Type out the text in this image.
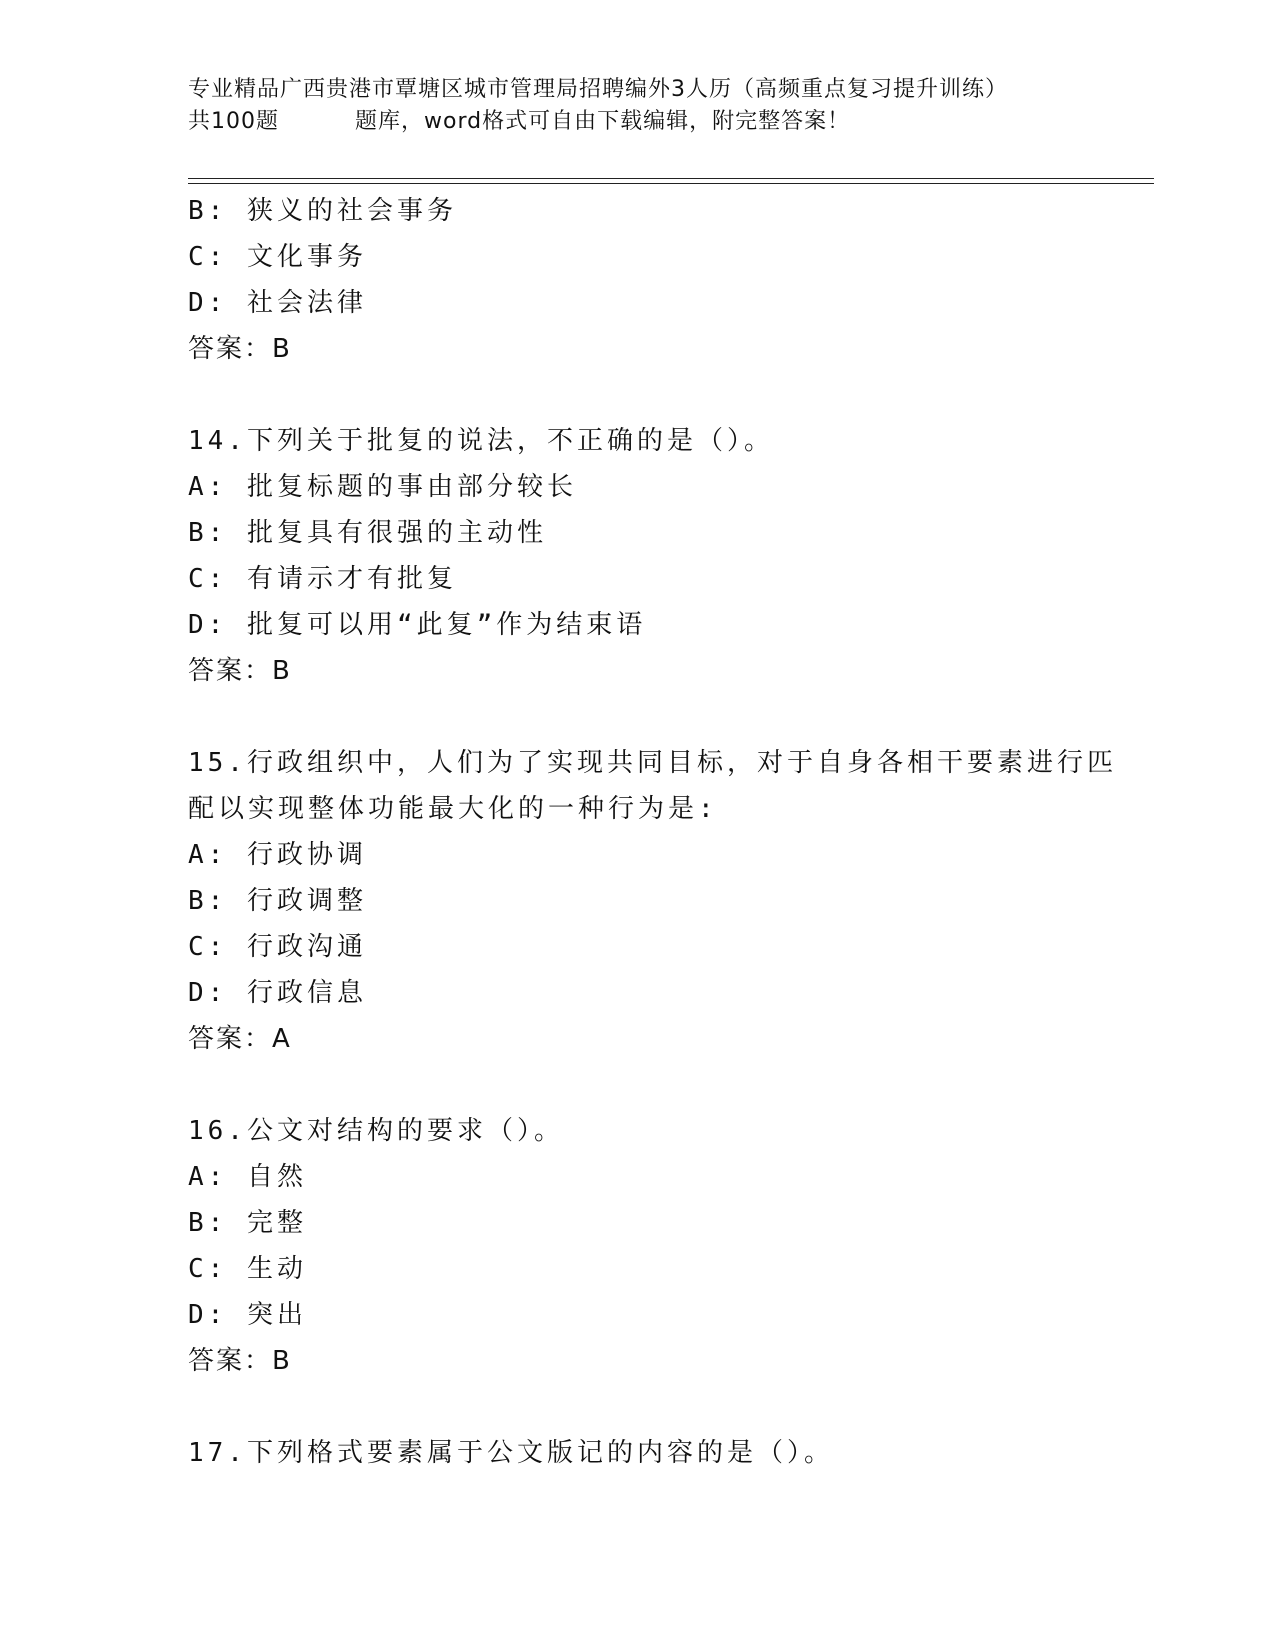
专业精品广西贵港市覃塘区城市管理局招聘编外3人历（高频重点复习提升训练）
共100题	题库，word格式可自由下载编辑，附完整答案！
B: 狭义的社会事务
C: 文化事务
D: 社会法律
答案：B
14.下列关于批复的说法，不正确的是（）。
A: 批复标题的事由部分较长
B: 批复具有很强的主动性
C: 有请示才有批复
D: 批复可以用“此复”作为结束语
答案：B
15.行政组织中，人们为了实现共同目标，对于自身各相干要素进行匹
配以实现整体功能最大化的一种行为是:
A: 行政协调
B: 行政调整
C: 行政沟通
D: 行政信息
答案：A
16.公文对结构的要求（）。
A: 自然
B: 完整
C: 生动
D: 突出
答案：B
17.下列格式要素属于公文版记的内容的是（）。
